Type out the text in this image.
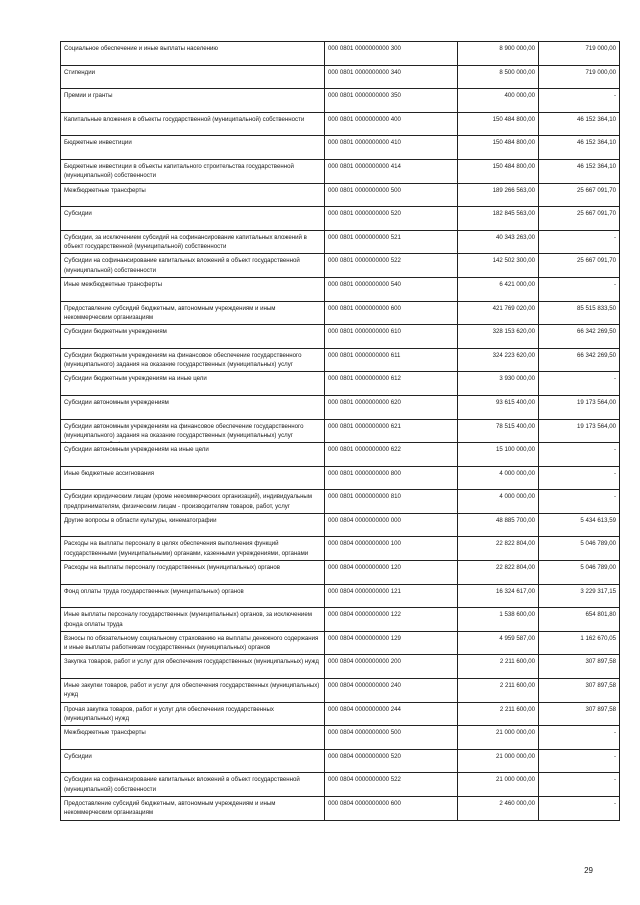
Социальное обеспечение и иные выплаты населению	000 0801 0000000000 300	8 900 000,00	719 000,00

Стипендии	000 0801 0000000000 340	8 500 000,00	719 000,00

Премии и гранты	000 0801 0000000000 350	400 000,00	-

Капитальные вложения в объекты государственной (муниципальной) собственности	000 0801 0000000000 400	150 484 800,00	46 152 364,10

Бюджетные инвестиции	000 0801 0000000000 410	150 484 800,00	46 152 364,10

Бюджетные инвестиции в объекты капитального строительства государственной (муниципальной) собственности	000 0801 0000000000 414	150 484 800,00	46 152 364,10

Межбюджетные трансферты	000 0801 0000000000 500	189 266 563,00	25 667 091,70

Субсидии	000 0801 0000000000 520	182 845 563,00	25 667 091,70

Субсидии, за исключением субсидий на софинансирование капитальных вложений в объект государственной (муниципальной) собственности	000 0801 0000000000 521	40 343 263,00	-

Субсидии на софинансирование капитальных вложений в объект государственной (муниципальной) собственности	000 0801 0000000000 522	142 502 300,00	25 667 091,70

Иные межбюджетные трансферты	000 0801 0000000000 540	6 421 000,00	-

Предоставление субсидий бюджетным, автономным учреждениям и иным некоммерческим организациям	000 0801 0000000000 600	421 769 020,00	85 515 833,50

Субсидии бюджетным учреждениям	000 0801 0000000000 610	328 153 620,00	66 342 269,50

Субсидии бюджетным учреждениям на финансовое обеспечение государственного (муниципального) задания на оказание государственных (муниципальных) услуг	000 0801 0000000000 611	324 223 620,00	66 342 269,50

Субсидии бюджетным учреждениям на иные цели	000 0801 0000000000 612	3 930 000,00	-

Субсидии автономным учреждениям	000 0801 0000000000 620	93 615 400,00	19 173 564,00

Субсидии автономным учреждениям на финансовое обеспечение государственного (муниципального) задания на оказание государственных (муниципальных) услуг	000 0801 0000000000 621	78 515 400,00	19 173 564,00

Субсидии автономным учреждениям на иные цели	000 0801 0000000000 622	15 100 000,00	-

Иные бюджетные ассигнования	000 0801 0000000000 800	4 000 000,00	-

Субсидии юридическим лицам (кроме некоммерческих организаций), индивидуальным предпринимателям, физическим лицам - производителям товаров, работ, услуг	000 0801 0000000000 810	4 000 000,00	-

Другие вопросы в области культуры, кинематографии	000 0804 0000000000 000	48 885 700,00	5 434 613,59

Расходы на выплаты персоналу в целях обеспечения выполнения функций государственными (муниципальными) органами, казенными учреждениями, органами	000 0804 0000000000 100	22 822 804,00	5 046 789,00

Расходы на выплаты персоналу государственных (муниципальных) органов	000 0804 0000000000 120	22 822 804,00	5 046 789,00

Фонд оплаты труда государственных (муниципальных) органов	000 0804 0000000000 121	16 324 617,00	3 229 317,15

Иные выплаты персоналу государственных (муниципальных) органов, за исключением фонда оплаты труда	000 0804 0000000000 122	1 538 600,00	654 801,80

Взносы по обязательному социальному страхованию на выплаты денежного содержания и иные выплаты работникам государственных (муниципальных) органов	000 0804 0000000000 129	4 959 587,00	1 162 670,05

Закупка товаров, работ и услуг для обеспечения государственных (муниципальных) нужд	000 0804 0000000000 200	2 211 600,00	307 897,58

Иные закупки товаров, работ и услуг для обеспечения государственных (муниципальных) нужд	000 0804 0000000000 240	2 211 600,00	307 897,58

Прочая закупка товаров, работ и услуг для обеспечения государственных (муниципальных) нужд	000 0804 0000000000 244	2 211 600,00	307 897,58

Межбюджетные трансферты	000 0804 0000000000 500	21 000 000,00	-

Субсидии	000 0804 0000000000 520	21 000 000,00	-

Субсидии на софинансирование капитальных вложений в объект государственной (муниципальной) собственности	000 0804 0000000000 522	21 000 000,00	-

Предоставление субсидий бюджетным, автономным учреждениям и иным некоммерческим организациям	000 0804 0000000000 600	2 460 000,00	-
29
